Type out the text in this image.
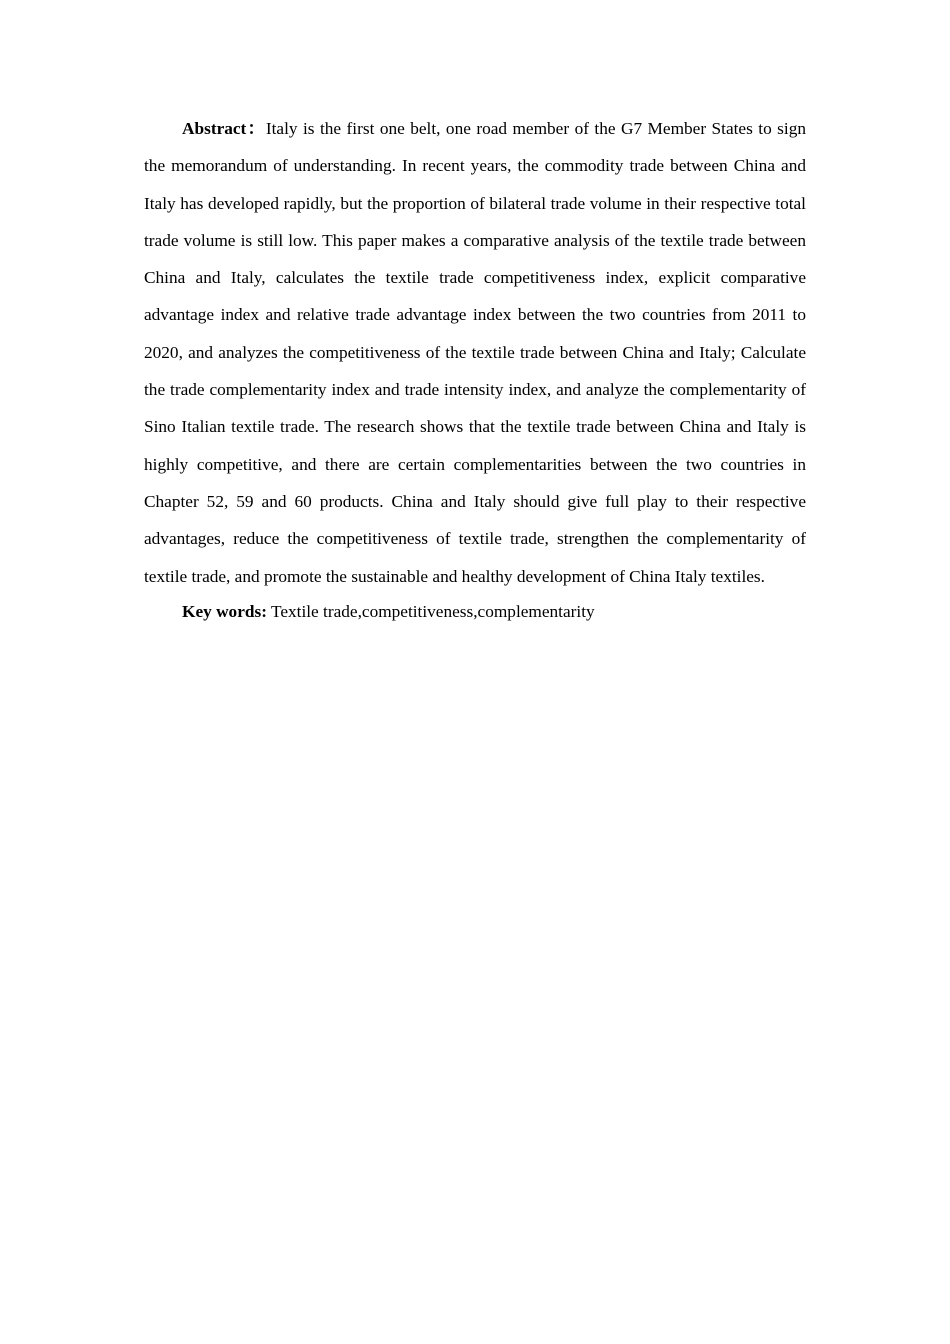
Abstract：Italy is the first one belt, one road member of the G7 Member States to sign the memorandum of understanding. In recent years, the commodity trade between China and Italy has developed rapidly, but the proportion of bilateral trade volume in their respective total trade volume is still low. This paper makes a comparative analysis of the textile trade between China and Italy, calculates the textile trade competitiveness index, explicit comparative advantage index and relative trade advantage index between the two countries from 2011 to 2020, and analyzes the competitiveness of the textile trade between China and Italy; Calculate the trade complementarity index and trade intensity index, and analyze the complementarity of Sino Italian textile trade. The research shows that the textile trade between China and Italy is highly competitive, and there are certain complementarities between the two countries in Chapter 52, 59 and 60 products. China and Italy should give full play to their respective advantages, reduce the competitiveness of textile trade, strengthen the complementarity of textile trade, and promote the sustainable and healthy development of China Italy textiles.

Key words: Textile trade,competitiveness,complementarity
